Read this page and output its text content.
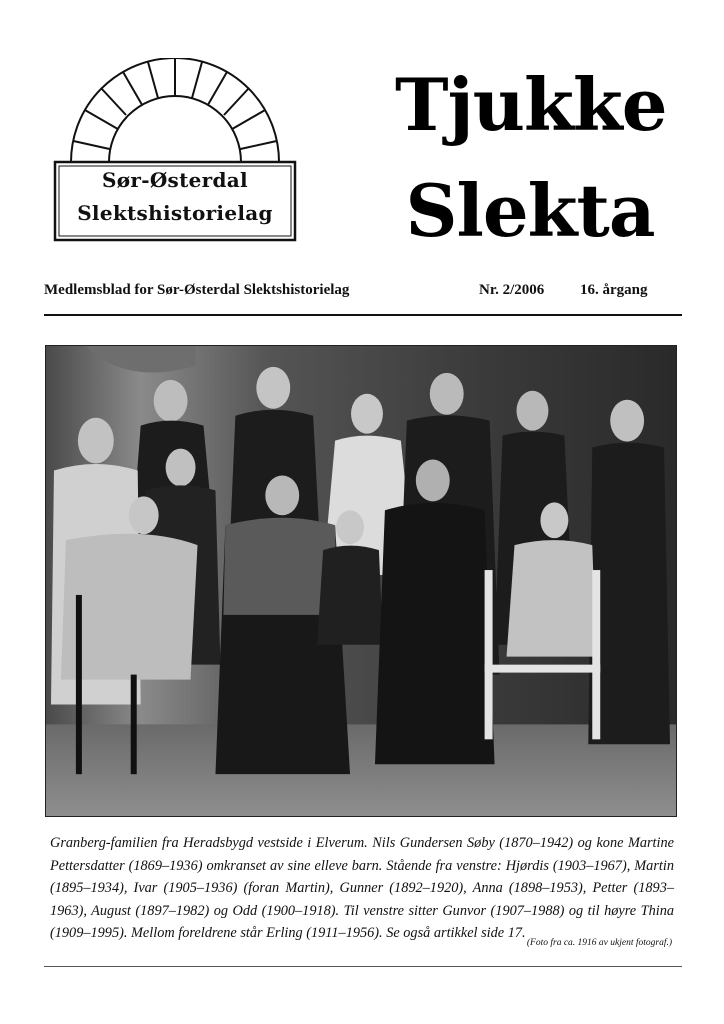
Sør-Østerdal
Slektshistorielag
Tjukke
Slekta
Medlemsblad for Sør-Østerdal Slektshistorielag	Nr. 2/2006 16. årgang
Granberg-familien fra Heradsbygd vestside i Elverum. Nils Gundersen Søby (1870–1942) og kone Martine Pettersdatter (1869–1936) omkranset av sine elleve barn. Stående fra venstre: Hjørdis (1903–1967), Martin (1895–1934), Ivar (1905–1936) (foran Martin), Gunner (1892–1920), Anna (1898–1953), Petter (1893–1963), August (1897–1982) og Odd (1900–1918). Til venstre sitter Gunvor (1907–1988) og til høyre Thina (1909–1995). Mellom foreldrene står Erling (1911–1956). Se også artikkel side 17.
(Foto fra ca. 1916 av ukjent fotograf.)
